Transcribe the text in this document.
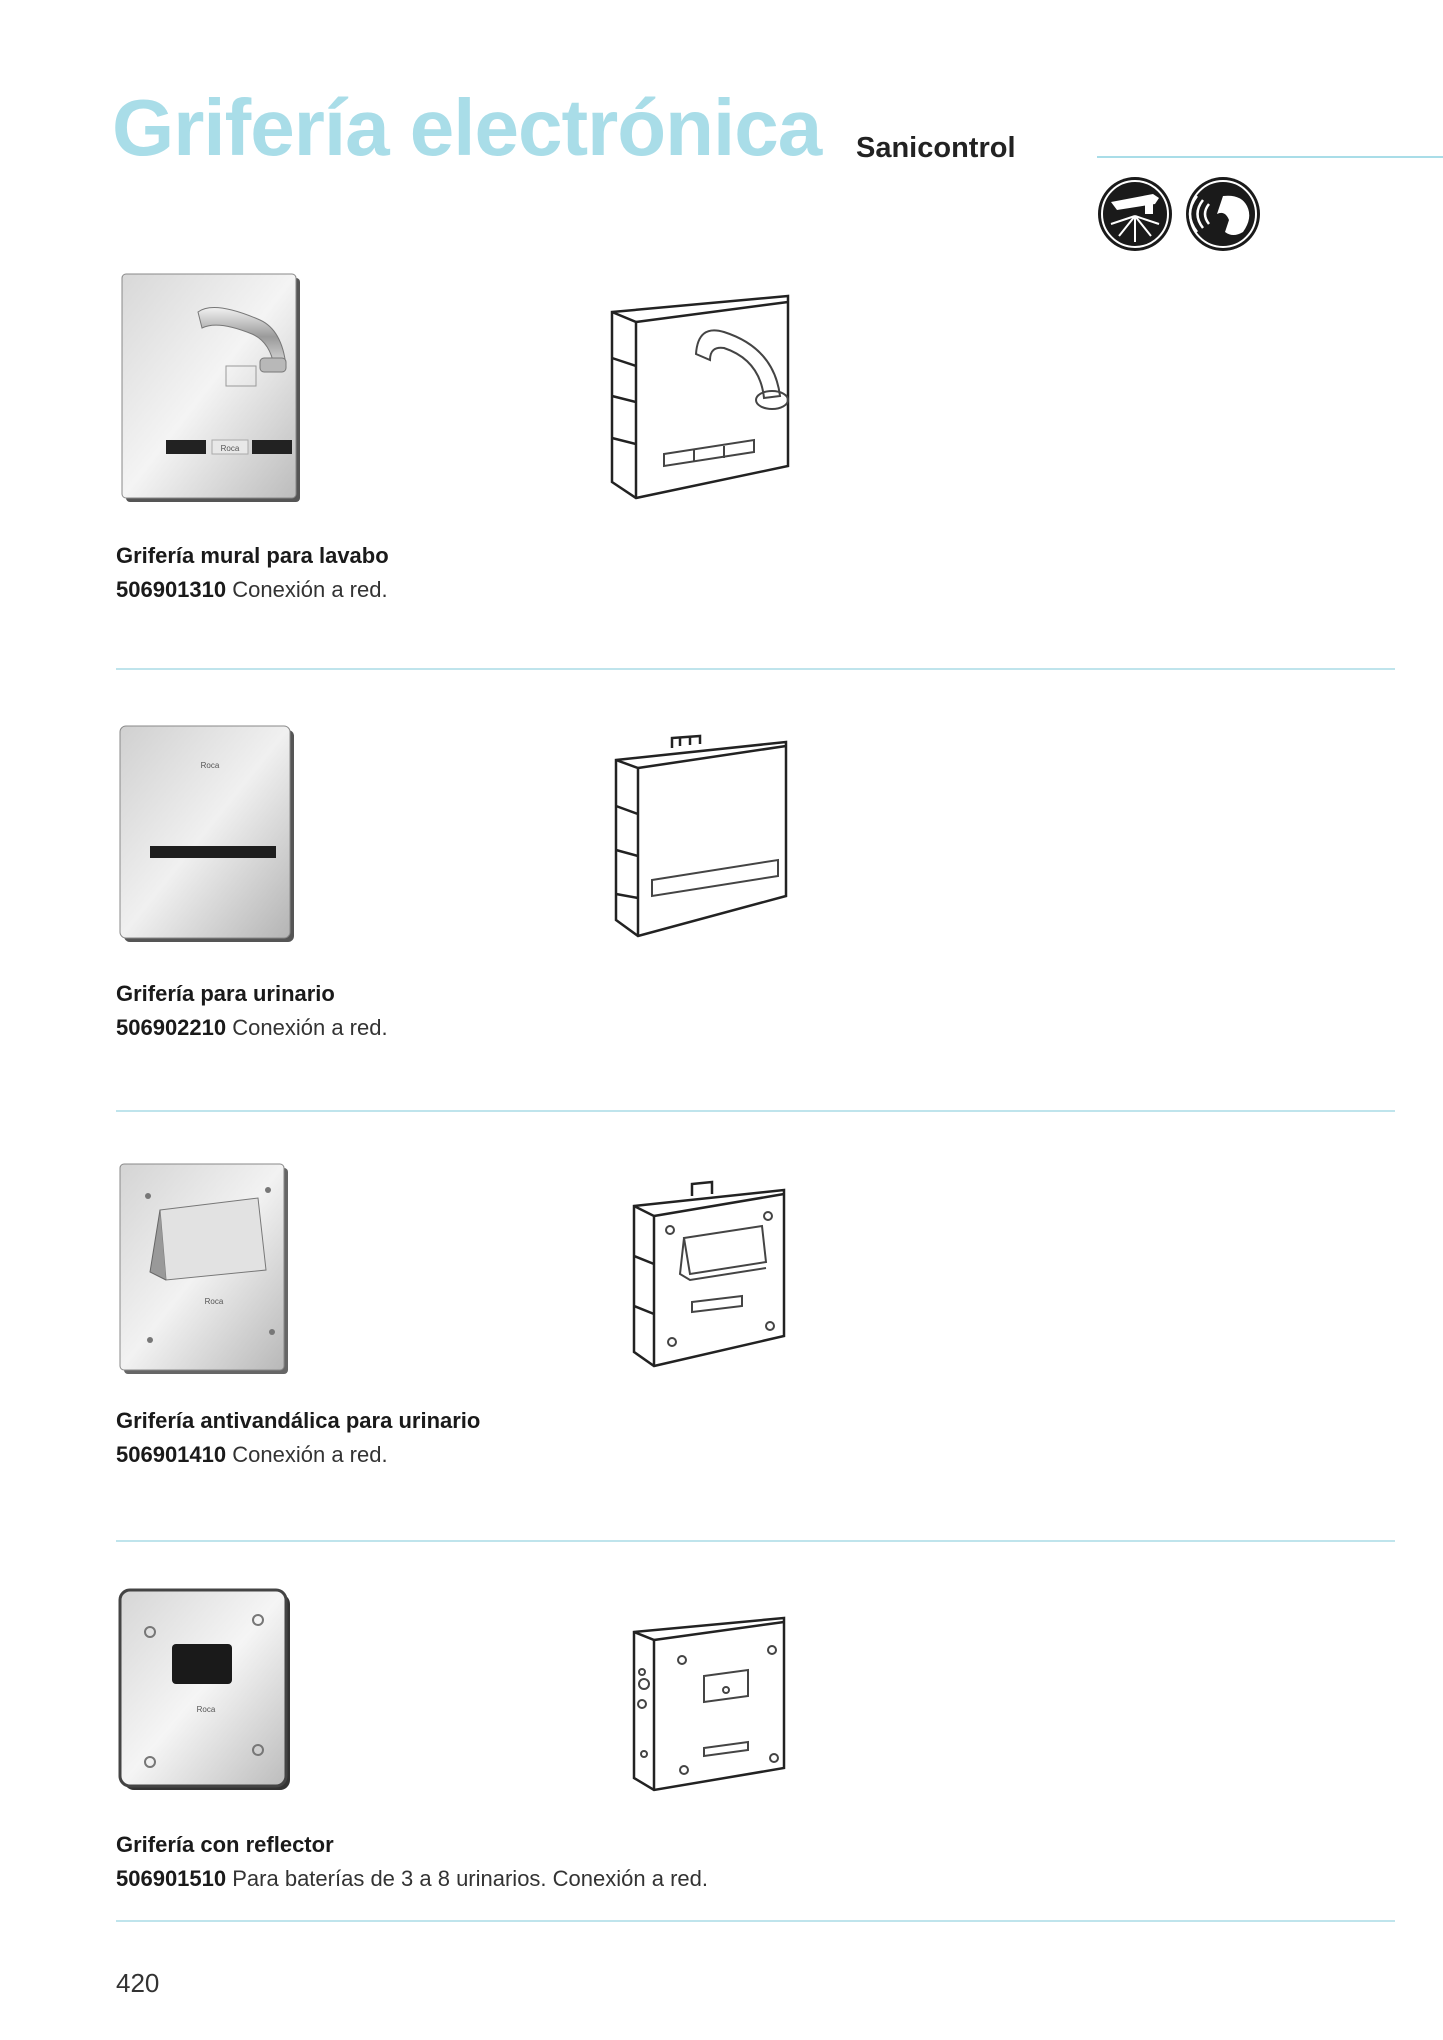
Grifería electrónica Sanicontrol
Roca

Grifería mural para lavabo

506901310 Conexión a red.

Roca

Grifería para urinario

506902210 Conexión a red.

Roca

Grifería antivandálica para urinario

506901410 Conexión a red.

Roca

Grifería con reflector

506901510 Para baterías de 3 a 8 urinarios. Conexión a red.

420
